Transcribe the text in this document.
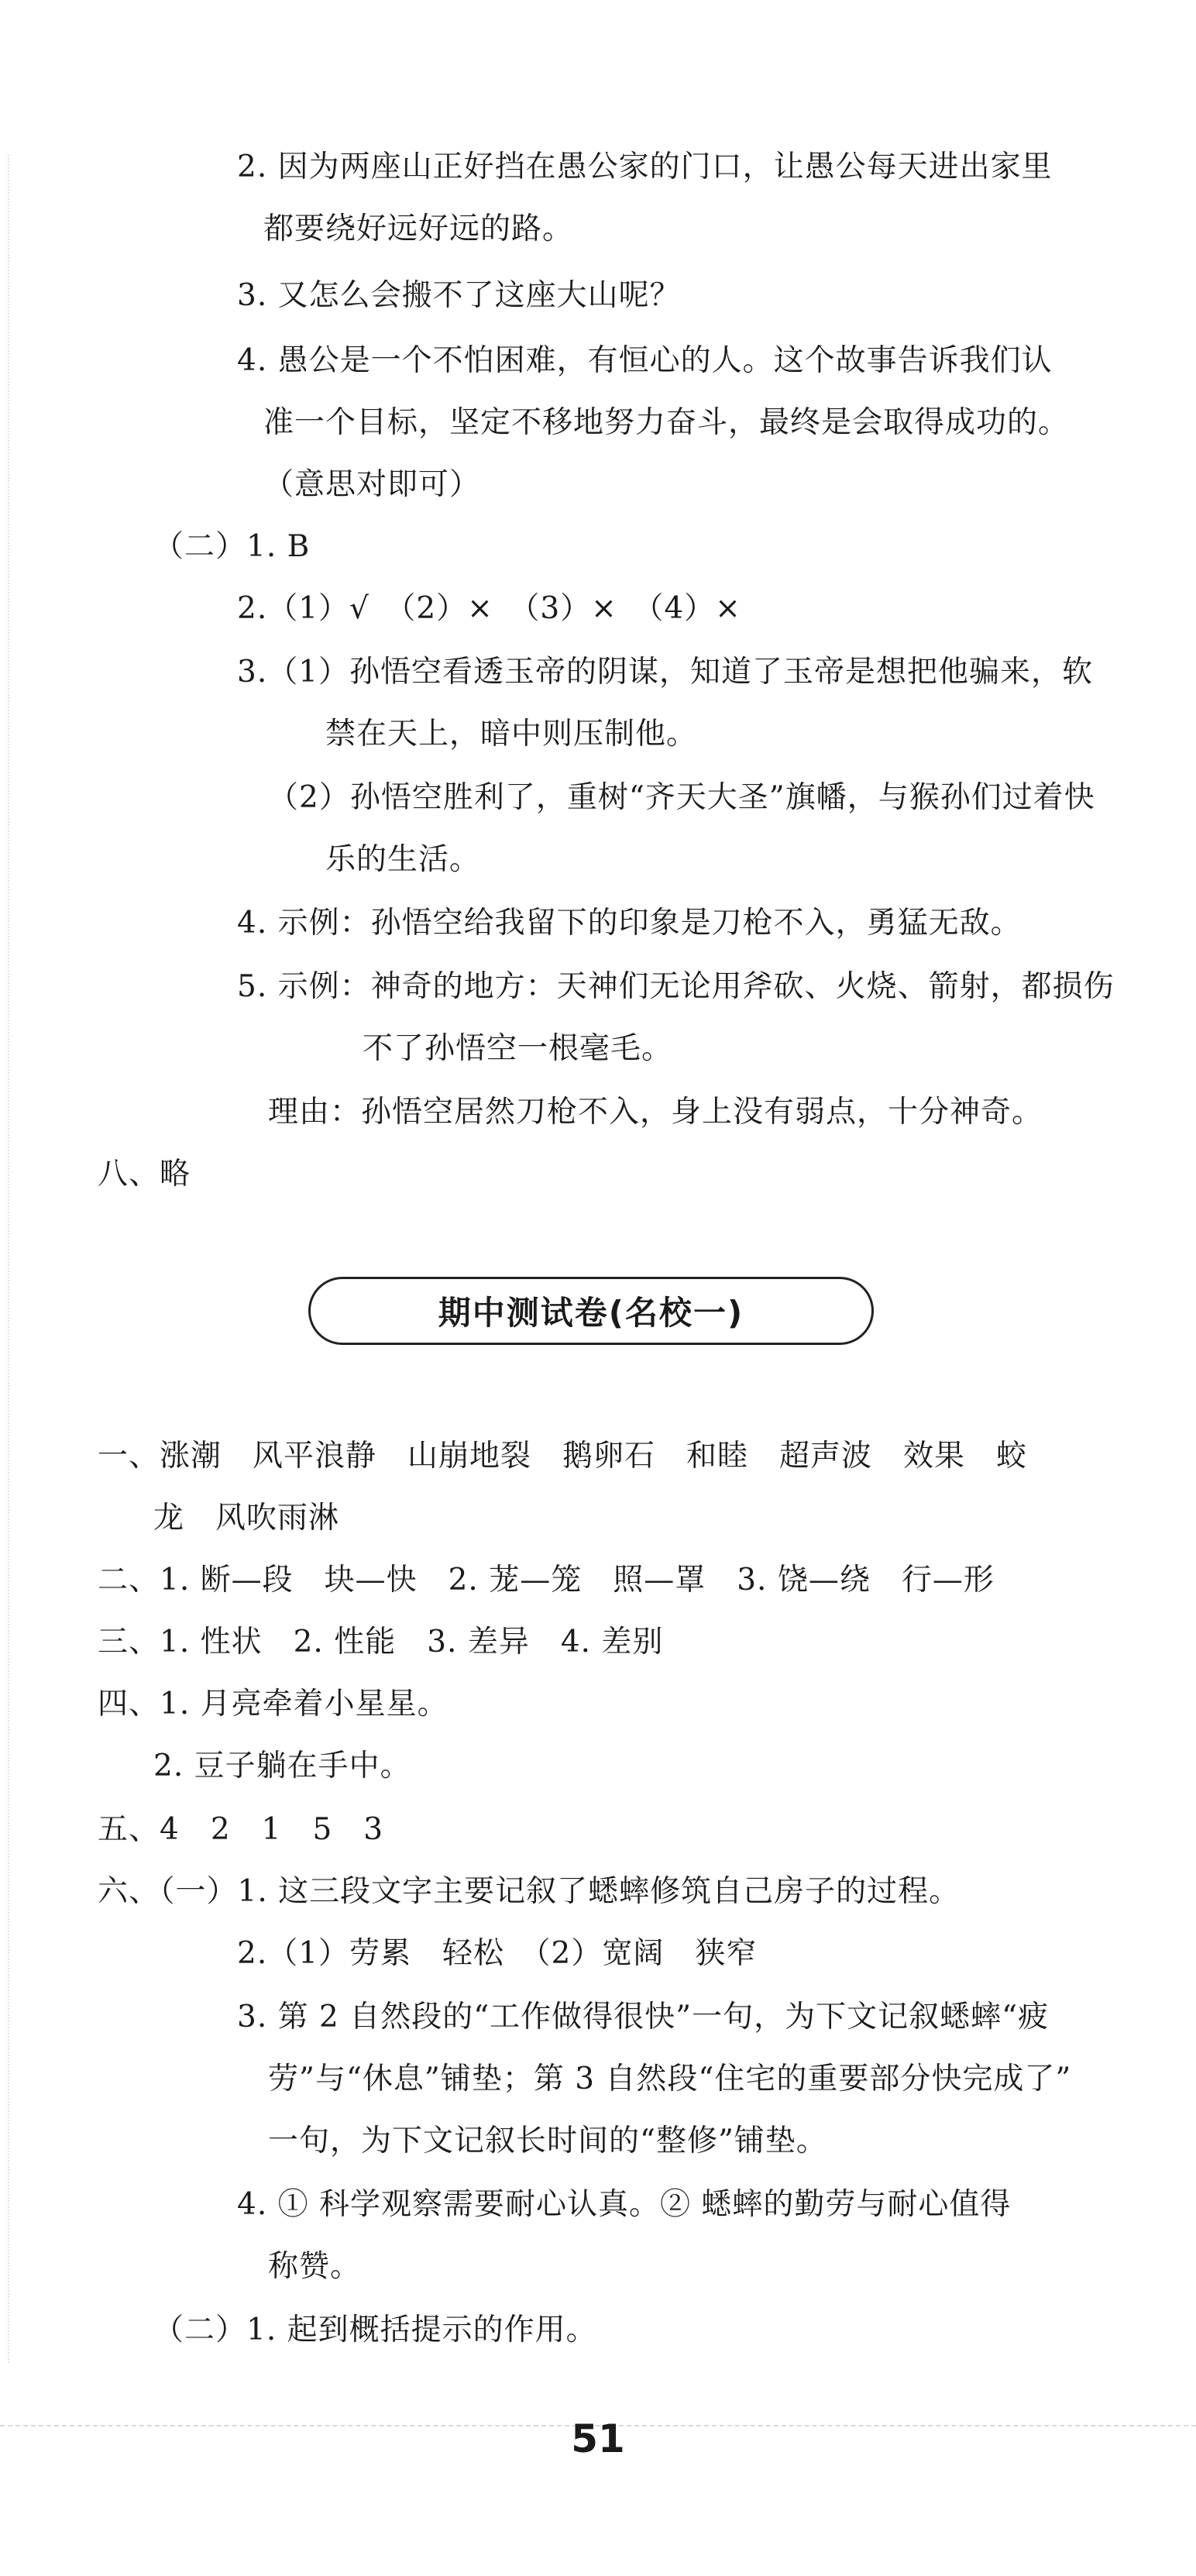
2. 因为两座山正好挡在愚公家的门口，让愚公每天进出家里
都要绕好远好远的路。
3. 又怎么会搬不了这座大山呢？
4. 愚公是一个不怕困难，有恒心的人。这个故事告诉我们认
准一个目标，坚定不移地努力奋斗，最终是会取得成功的。
（意思对即可）
（二）1. B
2.（1）√　（2）×　（3）×　（4）×
3.（1）孙悟空看透玉帝的阴谋，知道了玉帝是想把他骗来，软
禁在天上，暗中则压制他。
（2）孙悟空胜利了，重树“齐天大圣”旗幡，与猴孙们过着快
乐的生活。
4. 示例：孙悟空给我留下的印象是刀枪不入，勇猛无敌。
5. 示例：神奇的地方：天神们无论用斧砍、火烧、箭射，都损伤
不了孙悟空一根毫毛。
理由：孙悟空居然刀枪不入，身上没有弱点，十分神奇。
八、略
期中测试卷(名校一)
一、涨潮　风平浪静　山崩地裂　鹅卵石　和睦　超声波　效果　蛟
龙　风吹雨淋
二、1. 断—段　块—快　2. 茏—笼　照—罩　3. 饶—绕　行—形
三、1. 性状　2. 性能　3. 差异　4. 差别
四、1. 月亮牵着小星星。
2. 豆子躺在手中。
五、4　2　1　5　3
六、（一）1. 这三段文字主要记叙了蟋蟀修筑自己房子的过程。
2.（1）劳累　轻松　（2）宽阔　狭窄
3. 第 2 自然段的“工作做得很快”一句，为下文记叙蟋蟀“疲
劳”与“休息”铺垫；第 3 自然段“住宅的重要部分快完成了”
一句，为下文记叙长时间的“整修”铺垫。
4. ① 科学观察需要耐心认真。② 蟋蟀的勤劳与耐心值得
称赞。
（二）1. 起到概括提示的作用。
51
